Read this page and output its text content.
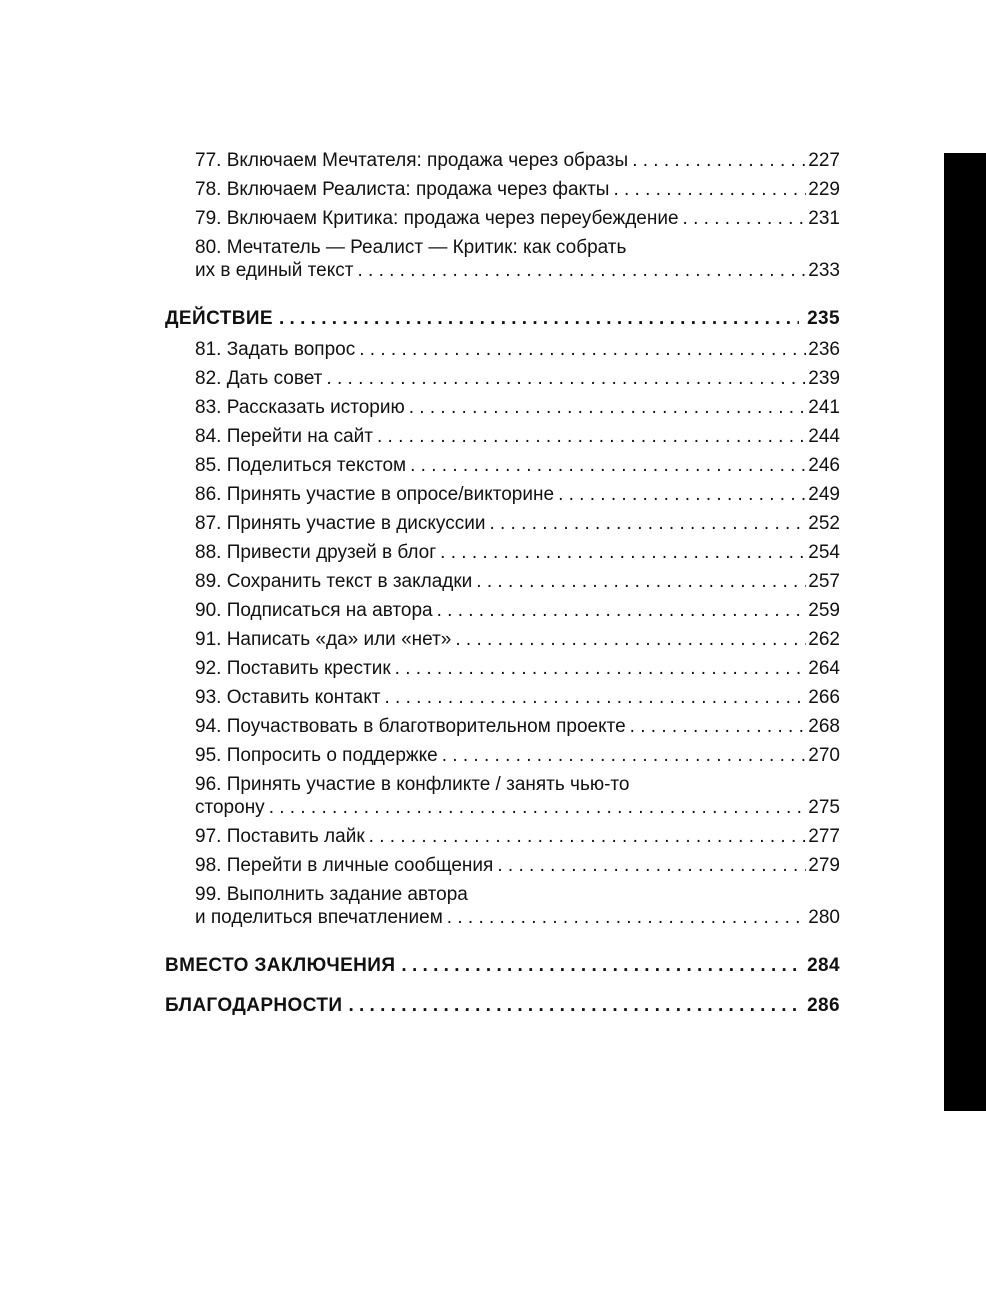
77. Включаем Мечтателя: продажа через образы . . .	227
78. Включаем Реалиста: продажа через факты . . .	229
79. Включаем Критика: продажа через переубеждение . . .	231
80. Мечтатель — Реалист — Критик: как собрать
их в единый текст . . .	233
ДЕЙСТВИЕ . . .	235
81. Задать вопрос . . .	236
82. Дать совет . . .	239
83. Рассказать историю . . .	241
84. Перейти на сайт . . .	244
85. Поделиться текстом . . .	246
86. Принять участие в опросе/викторине . . .	249
87. Принять участие в дискуссии . . .	252
88. Привести друзей в блог . . .	254
89. Сохранить текст в закладки . . .	257
90. Подписаться на автора . . .	259
91. Написать «да» или «нет» . . .	262
92. Поставить крестик . . .	264
93. Оставить контакт . . .	266
94. Поучаствовать в благотворительном проекте . . .	268
95. Попросить о поддержке . . .	270
96. Принять участие в конфликте / занять чью-то
сторону . . .	275
97. Поставить лайк . . .	277
98. Перейти в личные сообщения . . .	279
99. Выполнить задание автора
и поделиться впечатлением . . .	280
ВМЕСТО ЗАКЛЮЧЕНИЯ . . .	284
БЛАГОДАРНОСТИ . . .	286
